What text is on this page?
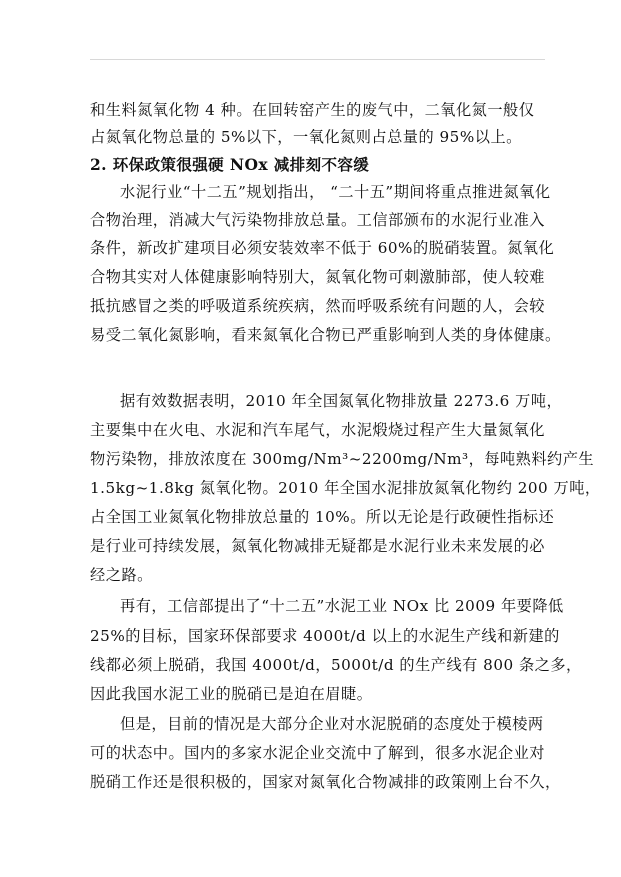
和生料氮氧化物 4 种。在回转窑产生的废气中，二氧化氮一般仅
占氮氧化物总量的 5%以下，一氧化氮则占总量的 95%以上。
2. 环保政策很强硬 NOx 减排刻不容缓
水泥行业“十二五”规划指出， “二十五”期间将重点推进氮氧化
合物治理，消减大气污染物排放总量。工信部颁布的水泥行业准入
条件，新改扩建项目必须安装效率不低于 60%的脱硝装置。氮氧化
合物其实对人体健康影响特别大，氮氧化物可刺激肺部，使人较难
抵抗感冒之类的呼吸道系统疾病，然而呼吸系统有问题的人，会较
易受二氧化氮影响，看来氮氧化合物已严重影响到人类的身体健康。
据有效数据表明，2010 年全国氮氧化物排放量 2273.6 万吨，
主要集中在火电、水泥和汽车尾气，水泥煅烧过程产生大量氮氧化
物污染物，排放浓度在 300mg/Nm³~2200mg/Nm³，每吨熟料约产生
1.5kg~1.8kg 氮氧化物。2010 年全国水泥排放氮氧化物约 200 万吨，
占全国工业氮氧化物排放总量的 10%。所以无论是行政硬性指标还
是行业可持续发展，氮氧化物减排无疑都是水泥行业未来发展的必
经之路。
再有，工信部提出了“十二五”水泥工业 NOx 比 2009 年要降低
25%的目标，国家环保部要求 4000t/d 以上的水泥生产线和新建的
线都必须上脱硝，我国 4000t/d，5000t/d 的生产线有 800 条之多，
因此我国水泥工业的脱硝已是迫在眉睫。
但是，目前的情况是大部分企业对水泥脱硝的态度处于模棱两
可的状态中。国内的多家水泥企业交流中了解到，很多水泥企业对
脱硝工作还是很积极的，国家对氮氧化合物减排的政策刚上台不久，
